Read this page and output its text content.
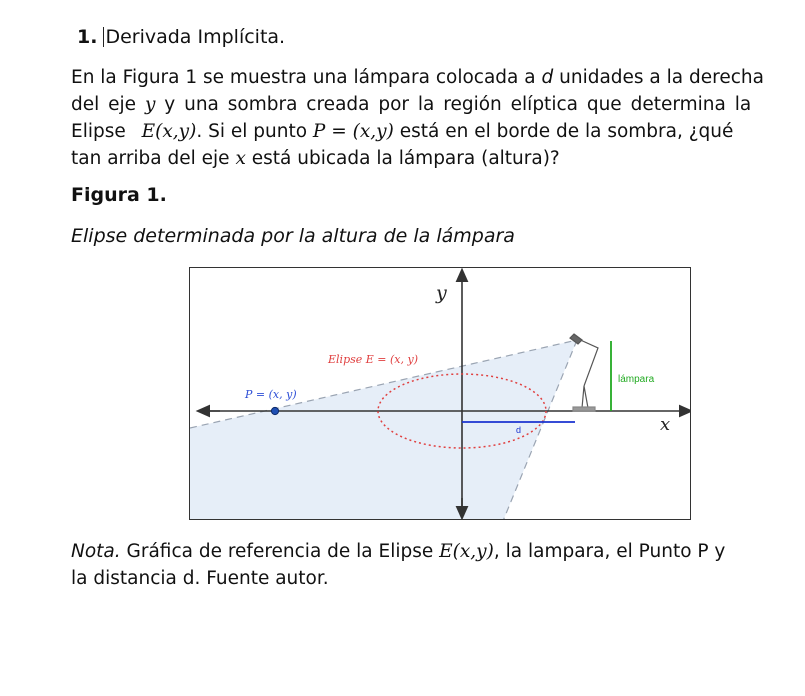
1. Derivada Implícita.
En la Figura 1 se muestra una lámpara colocada a d unidades a la derecha
del eje y y una sombra creada por la región elíptica que determina la
Elipse E(x,y). Si el punto P = (x,y) está en el borde de la sombra, ¿qué
tan arriba del eje x está ubicada la lámpara (altura)?
Figura 1.
Elipse determinada por la altura de la lámpara
y
x
Elipse E = (x, y)
P = (x, y)
d
lámpara
Nota. Gráfica de referencia de la Elipse E(x,y), la lampara, el Punto P y
la distancia d. Fuente autor.
